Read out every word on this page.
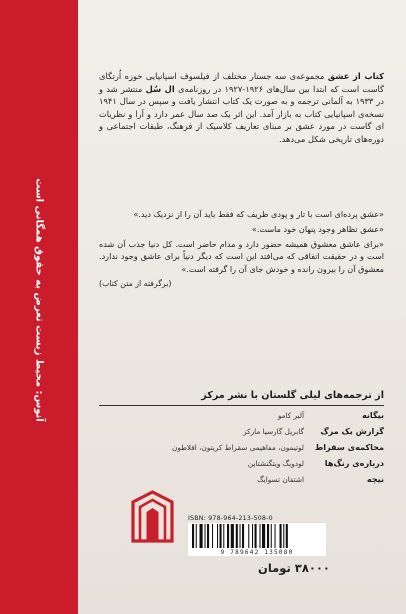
آنوس: محیط زیست تعرض به حقوق همگانی است
کتاب از عشق مجموعه‌ی سه جستار مختلف از فیلسوف اسپانیایی خوزه اُرتگای گاست است که ابتدا بین سال‌های ۱۹۲۶-۱۹۲۷ در روزنامه‌ی ال سُل منتشر شد و در ۱۹۳۳ به آلمانی ترجمه و به صورت یک کتاب انتشار یافت و سپس در سال ۱۹۴۱ نسخه‌ی اسپانیایی کتاب به بازار آمد. این اثر یک صد سال عمر دارد و آرا و نظریات ای گاست در مورد عشق بر مبنای تعاریف کلاسیک از فرهنگ، طبقات اجتماعی و دوره‌های تاریخی شکل می‌دهد.

«عشق پرده‌ای است با تار و پودی ظریف که فقط باید آن را از نزدیک دید.»

«عشق تظاهر وجود پنهان خود ماست.»

«برای عاشق معشوق همیشه حضور دارد و مدام حاضر است. کل دنیا جذب آن شده است و در حقیقت اتفاقی که می‌افتد این است که دیگر دنیاً برای عاشق وجود ندارد. معشوق آن را بیرون رانده و خودش جای آن را گرفته است.»

(برگرفته از متن کتاب)
از ترجمه‌های لیلی گلستان با نشر مرکز
بیگانه
آلبر کامو
گزارش یک مرگ
گابریل گارسیا مارکز
محاکمه‌ی سقراط
لوتیمون، مفاهیمی سقراط کریتون، افلاطون
درباره‌ی رنگ‌ها
لودویگ ویتگنشتاین
نیچه
اشتفان تسوایگ
ISBN: 978-964-213-508-0
9 789642 135080
۳۸۰۰۰ تومان
